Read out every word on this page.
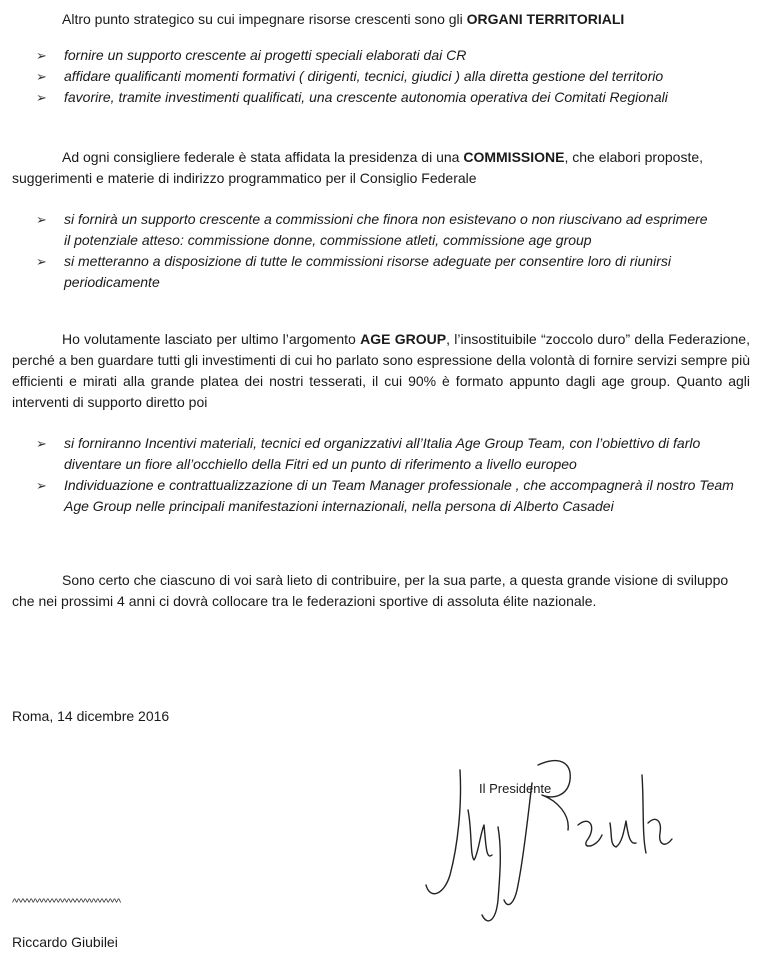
Altro punto strategico su cui impegnare risorse crescenti sono gli ORGANI TERRITORIALI

➢ fornire un supporto crescente ai progetti speciali elaborati dai CR
➢ affidare qualificanti momenti formativi ( dirigenti, tecnici, giudici ) alla diretta gestione del territorio
➢ favorire, tramite investimenti qualificati, una crescente autonomia operativa dei Comitati Regionali

Ad ogni consigliere federale è stata affidata la presidenza di una COMMISSIONE, che elabori proposte, suggerimenti e materie di indirizzo programmatico per il Consiglio Federale

➢ si fornirà un supporto crescente a commissioni che finora non esistevano o non riuscivano ad esprimere il potenziale atteso: commissione donne, commissione atleti, commissione age group
➢ si metteranno a disposizione di tutte le commissioni risorse adeguate per consentire loro di riunirsi periodicamente

Ho volutamente lasciato per ultimo l’argomento AGE GROUP, l’insostituibile “zoccolo duro” della Federazione, perché a ben guardare tutti gli investimenti di cui ho parlato sono espressione della volontà di fornire servizi sempre più efficienti e mirati alla grande platea dei nostri tesserati, il cui 90% è formato appunto dagli age group. Quanto agli interventi di supporto diretto poi

➢ si forniranno Incentivi materiali, tecnici ed organizzativi all’Italia Age Group Team, con l’obiettivo di farlo diventare un fiore all’occhiello della Fitri ed un punto di riferimento a livello europeo
➢ Individuazione e contrattualizzazione di un Team Manager professionale , che accompagnerà il nostro Team Age Group nelle principali manifestazioni internazionali, nella persona di Alberto Casadei

Sono certo che ciascuno di voi sarà lieto di contribuire, per la sua parte, a questa grande visione di sviluppo che nei prossimi 4 anni ci dovrà collocare tra le federazioni sportive di assoluta élite nazionale.

Roma, 14 dicembre 2016
Il Presidente
^^^^^^^^^^^^^^^^^^^^^^^^^^
Riccardo Giubilei
